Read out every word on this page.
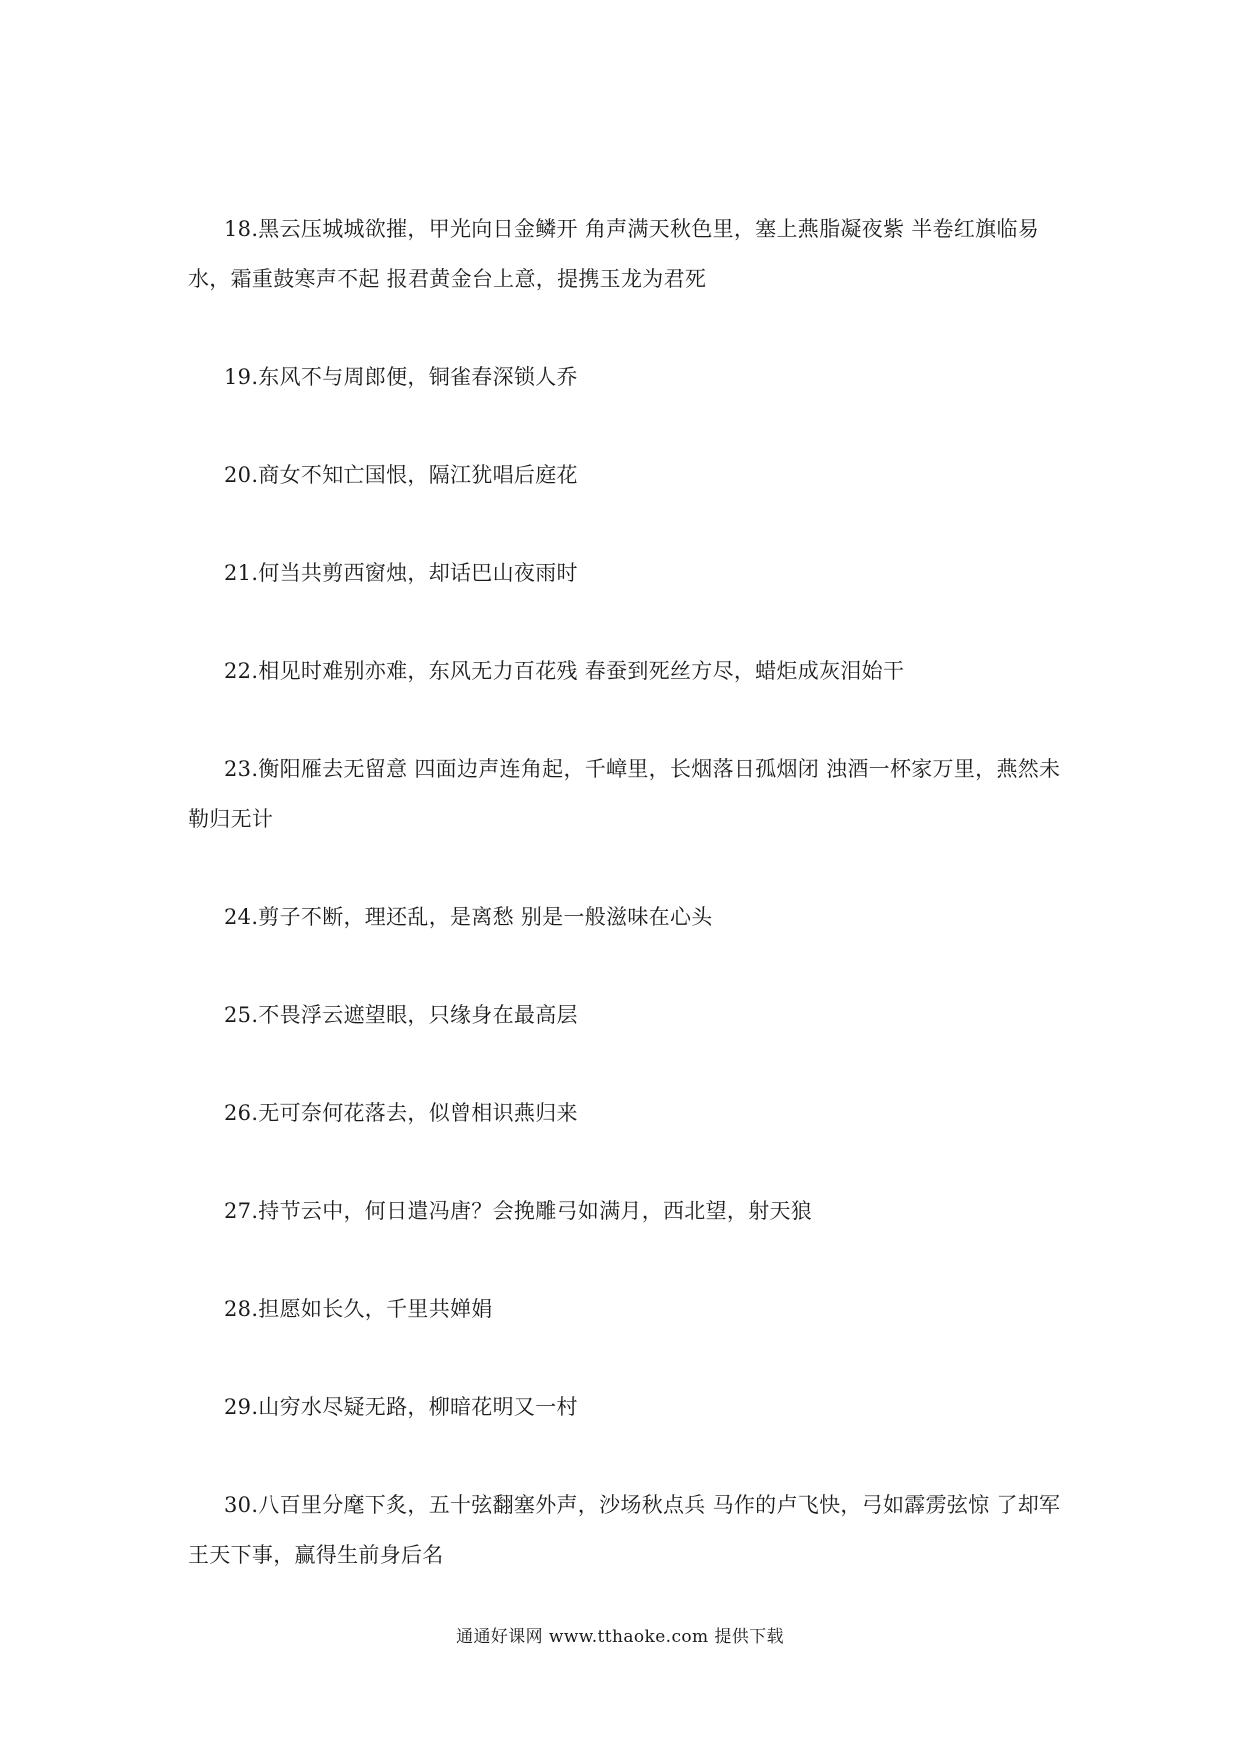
18.黑云压城城欲摧，甲光向日金鳞开 角声满天秋色里，塞上燕脂凝夜紫 半卷红旗临易水，霜重鼓寒声不起 报君黄金台上意，提携玉龙为君死

19.东风不与周郎便，铜雀春深锁人乔

20.商女不知亡国恨，隔江犹唱后庭花

21.何当共剪西窗烛，却话巴山夜雨时

22.相见时难别亦难，东风无力百花残 春蚕到死丝方尽，蜡炬成灰泪始干

23.衡阳雁去无留意 四面边声连角起，千嶂里，长烟落日孤烟闭 浊酒一杯家万里，燕然未勒归无计

24.剪子不断，理还乱，是离愁 别是一般滋味在心头

25.不畏浮云遮望眼，只缘身在最高层

26.无可奈何花落去，似曾相识燕归来

27.持节云中，何日遣冯唐？会挽雕弓如满月，西北望，射天狼

28.担愿如长久，千里共婵娟

29.山穷水尽疑无路，柳暗花明又一村

30.八百里分麾下炙，五十弦翻塞外声，沙场秋点兵 马作的卢飞快，弓如霹雳弦惊 了却军王天下事，赢得生前身后名

通通好课网 www.tthaoke.com 提供下载
